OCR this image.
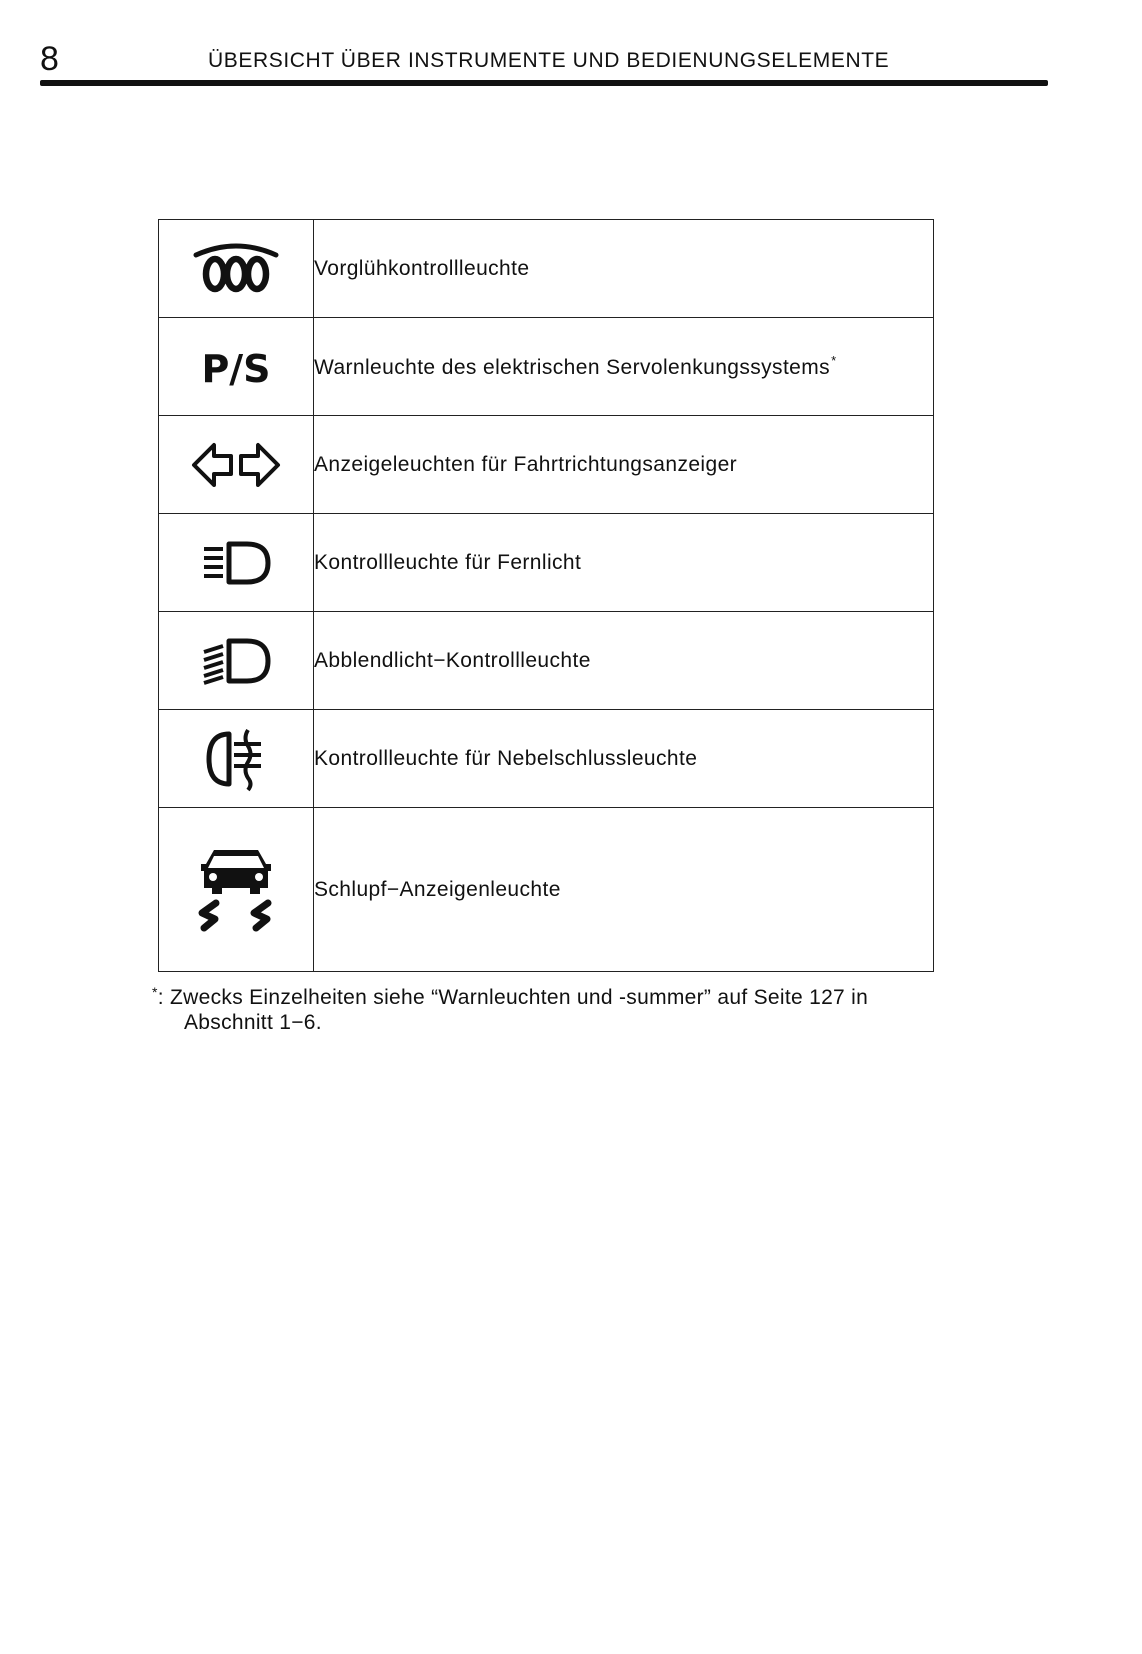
8	ÜBERSICHT ÜBER INSTRUMENTE UND BEDIENUNGSELEMENTE
	Vorglühkontrollleuchte

P/S	Warnleuchte des elektrischen Servolenkungssystems*

	Anzeigeleuchten für Fahrtrichtungsanzeiger

	Kontrollleuchte für Fernlicht

	Abblendlicht−Kontrollleuchte

	Kontrollleuchte für Nebelschlussleuchte

	Schlupf−Anzeigenleuchte
*: Zwecks Einzelheiten siehe “Warnleuchten und -summer” auf Seite 127 in
Abschnitt 1−6.
